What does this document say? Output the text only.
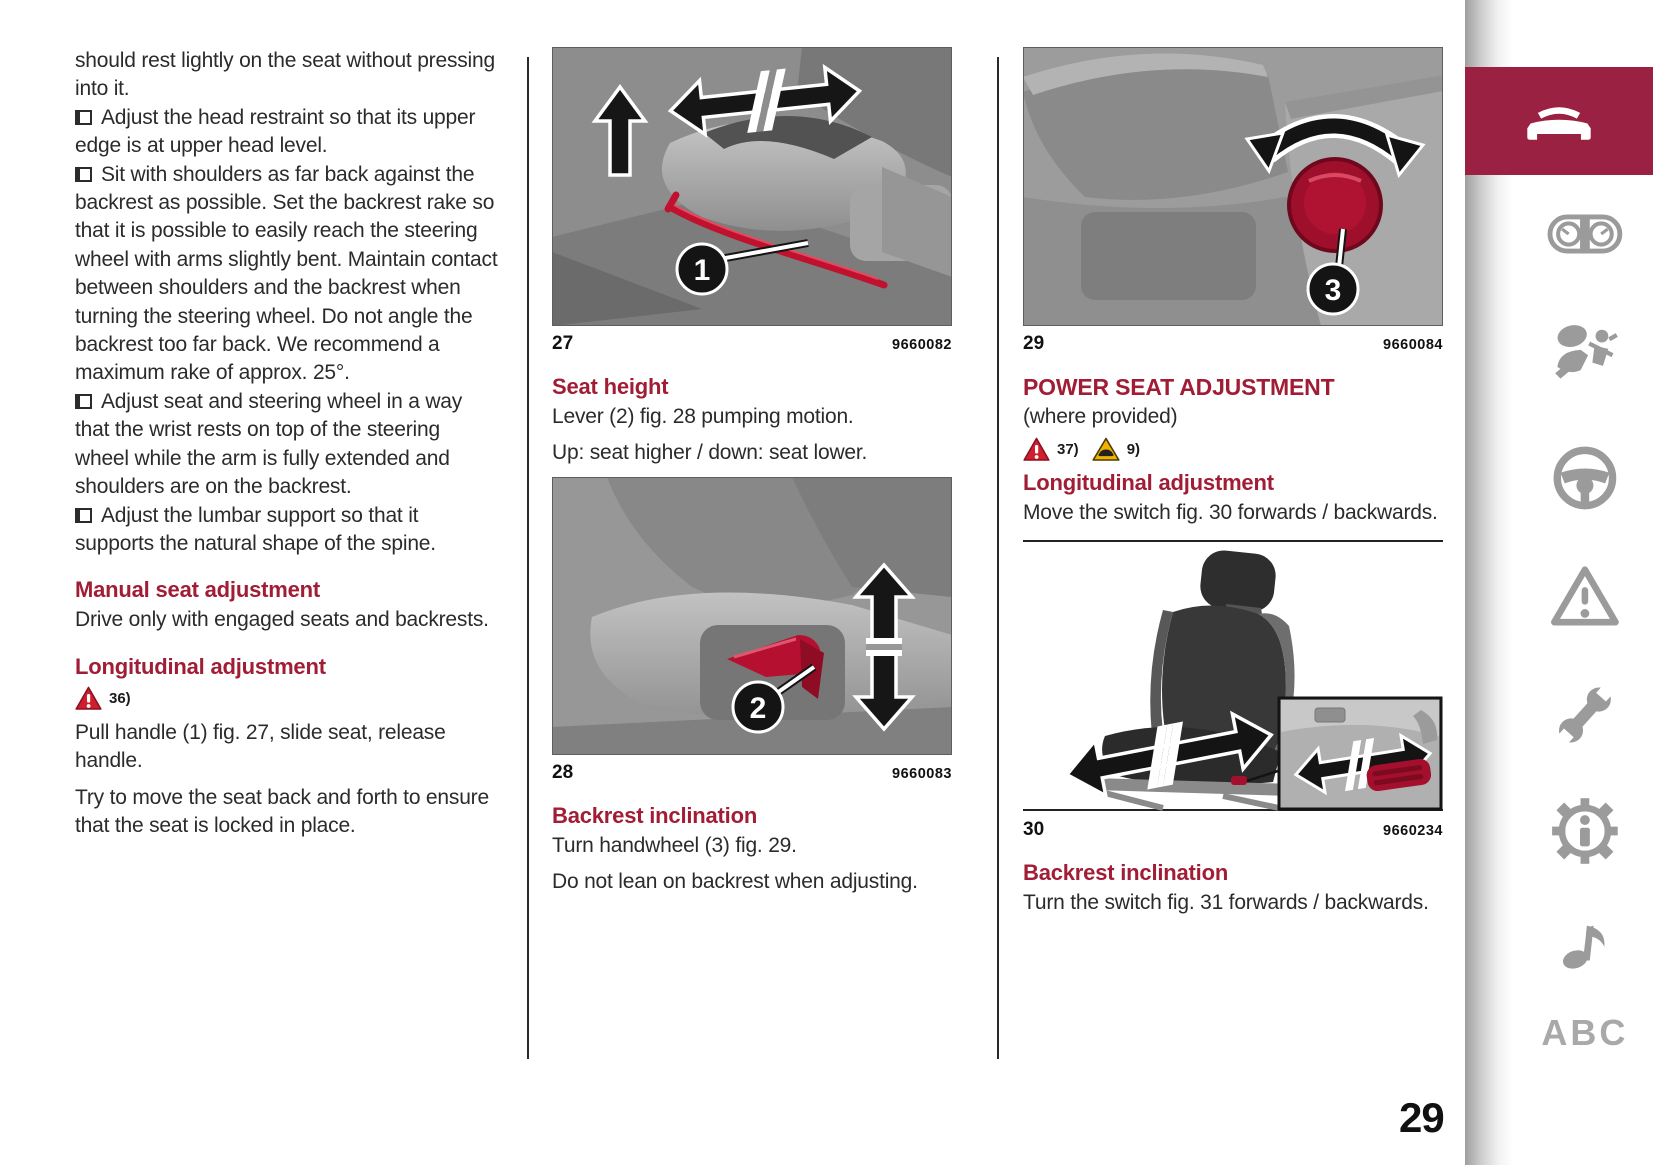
should rest lightly on the seat without pressing into it.

Adjust the head restraint so that its upper edge is at upper head level.

Sit with shoulders as far back against the backrest as possible. Set the backrest rake so that it is possible to easily reach the steering wheel with arms slightly bent. Maintain contact between shoulders and the backrest when turning the steering wheel. Do not angle the backrest too far back. We recommend a maximum rake of approx. 25°.

Adjust seat and steering wheel in a way that the wrist rests on top of the steering wheel while the arm is fully extended and shoulders are on the backrest.

Adjust the lumbar support so that it supports the natural shape of the spine.

Manual seat adjustment

Drive only with engaged seats and backrests.

Longitudinal adjustment
36)

Pull handle (1) fig. 27, slide seat, release handle.

Try to move the seat back and forth to ensure that the seat is locked in place.

1
27	9660082
Seat height

Lever (2) fig. 28 pumping motion.

Up: seat higher / down: seat lower.

2
28	9660083
Backrest inclination

Turn handwheel (3) fig. 29.

Do not lean on backrest when adjusting.

3
29	9660084
POWER SEAT ADJUSTMENT

(where provided)

37)	9)
Longitudinal adjustment

Move the switch fig. 30 forwards / backwards.

30	9660234
Backrest inclination

Turn the switch fig. 31 forwards / backwards.

ABC
29
